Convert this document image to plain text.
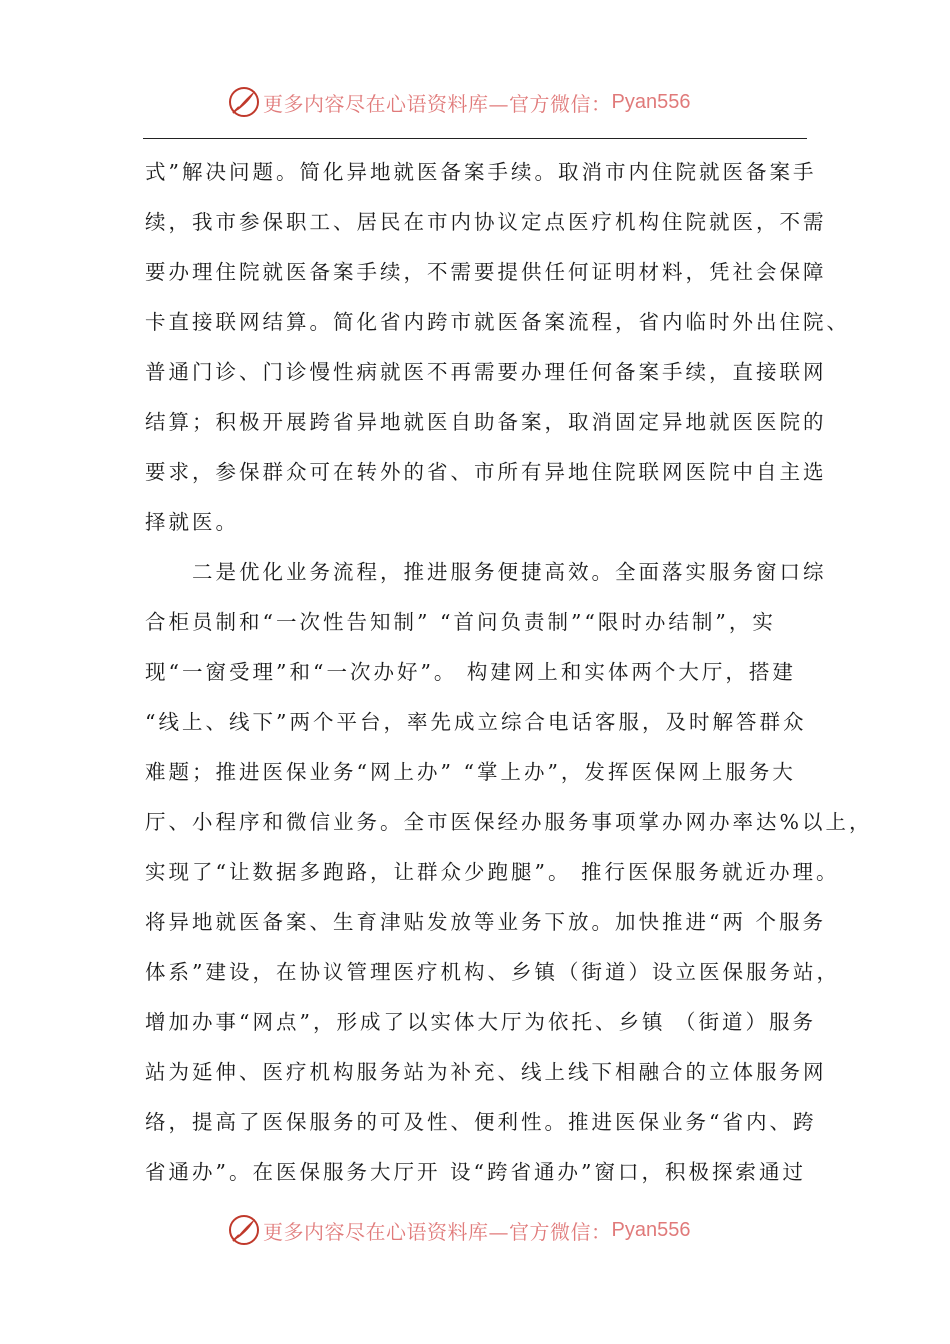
更多内容尽在心语资料库—官方微信： Pyan556
式”解决问题。简化异地就医备案手续。取消市内住院就医备案手
续，我市参保职工、居民在市内协议定点医疗机构住院就医，不需
要办理住院就医备案手续，不需要提供任何证明材料，凭社会保障
卡直接联网结算。简化省内跨市就医备案流程，省内临时外出住院、
普通门诊、门诊慢性病就医不再需要办理任何备案手续，直接联网
结算；积极开展跨省异地就医自助备案，取消固定异地就医医院的
要求，参保群众可在转外的省、市所有异地住院联网医院中自主选
择就医。
　　二是优化业务流程，推进服务便捷高效。全面落实服务窗口综
合柜员制和“一次性告知制” “首问负责制”“限时办结制”，实
现“一窗受理”和“一次办好”。 构建网上和实体两个大厅，搭建
“线上、线下”两个平台，率先成立综合电话客服，及时解答群众
难题；推进医保业务“网上办” “掌上办”，发挥医保网上服务大
厅、小程序和微信业务。全市医保经办服务事项掌办网办率达%以上，
实现了“让数据多跑路，让群众少跑腿”。 推行医保服务就近办理。
将异地就医备案、生育津贴发放等业务下放。加快推进“两 个服务
体系”建设，在协议管理医疗机构、乡镇（街道）设立医保服务站，
增加办事“网点”，形成了以实体大厅为依托、乡镇 （街道）服务
站为延伸、医疗机构服务站为补充、线上线下相融合的立体服务网
络，提高了医保服务的可及性、便利性。推进医保业务“省内、跨
省通办”。在医保服务大厅开 设“跨省通办”窗口，积极探索通过
更多内容尽在心语资料库—官方微信： Pyan556
